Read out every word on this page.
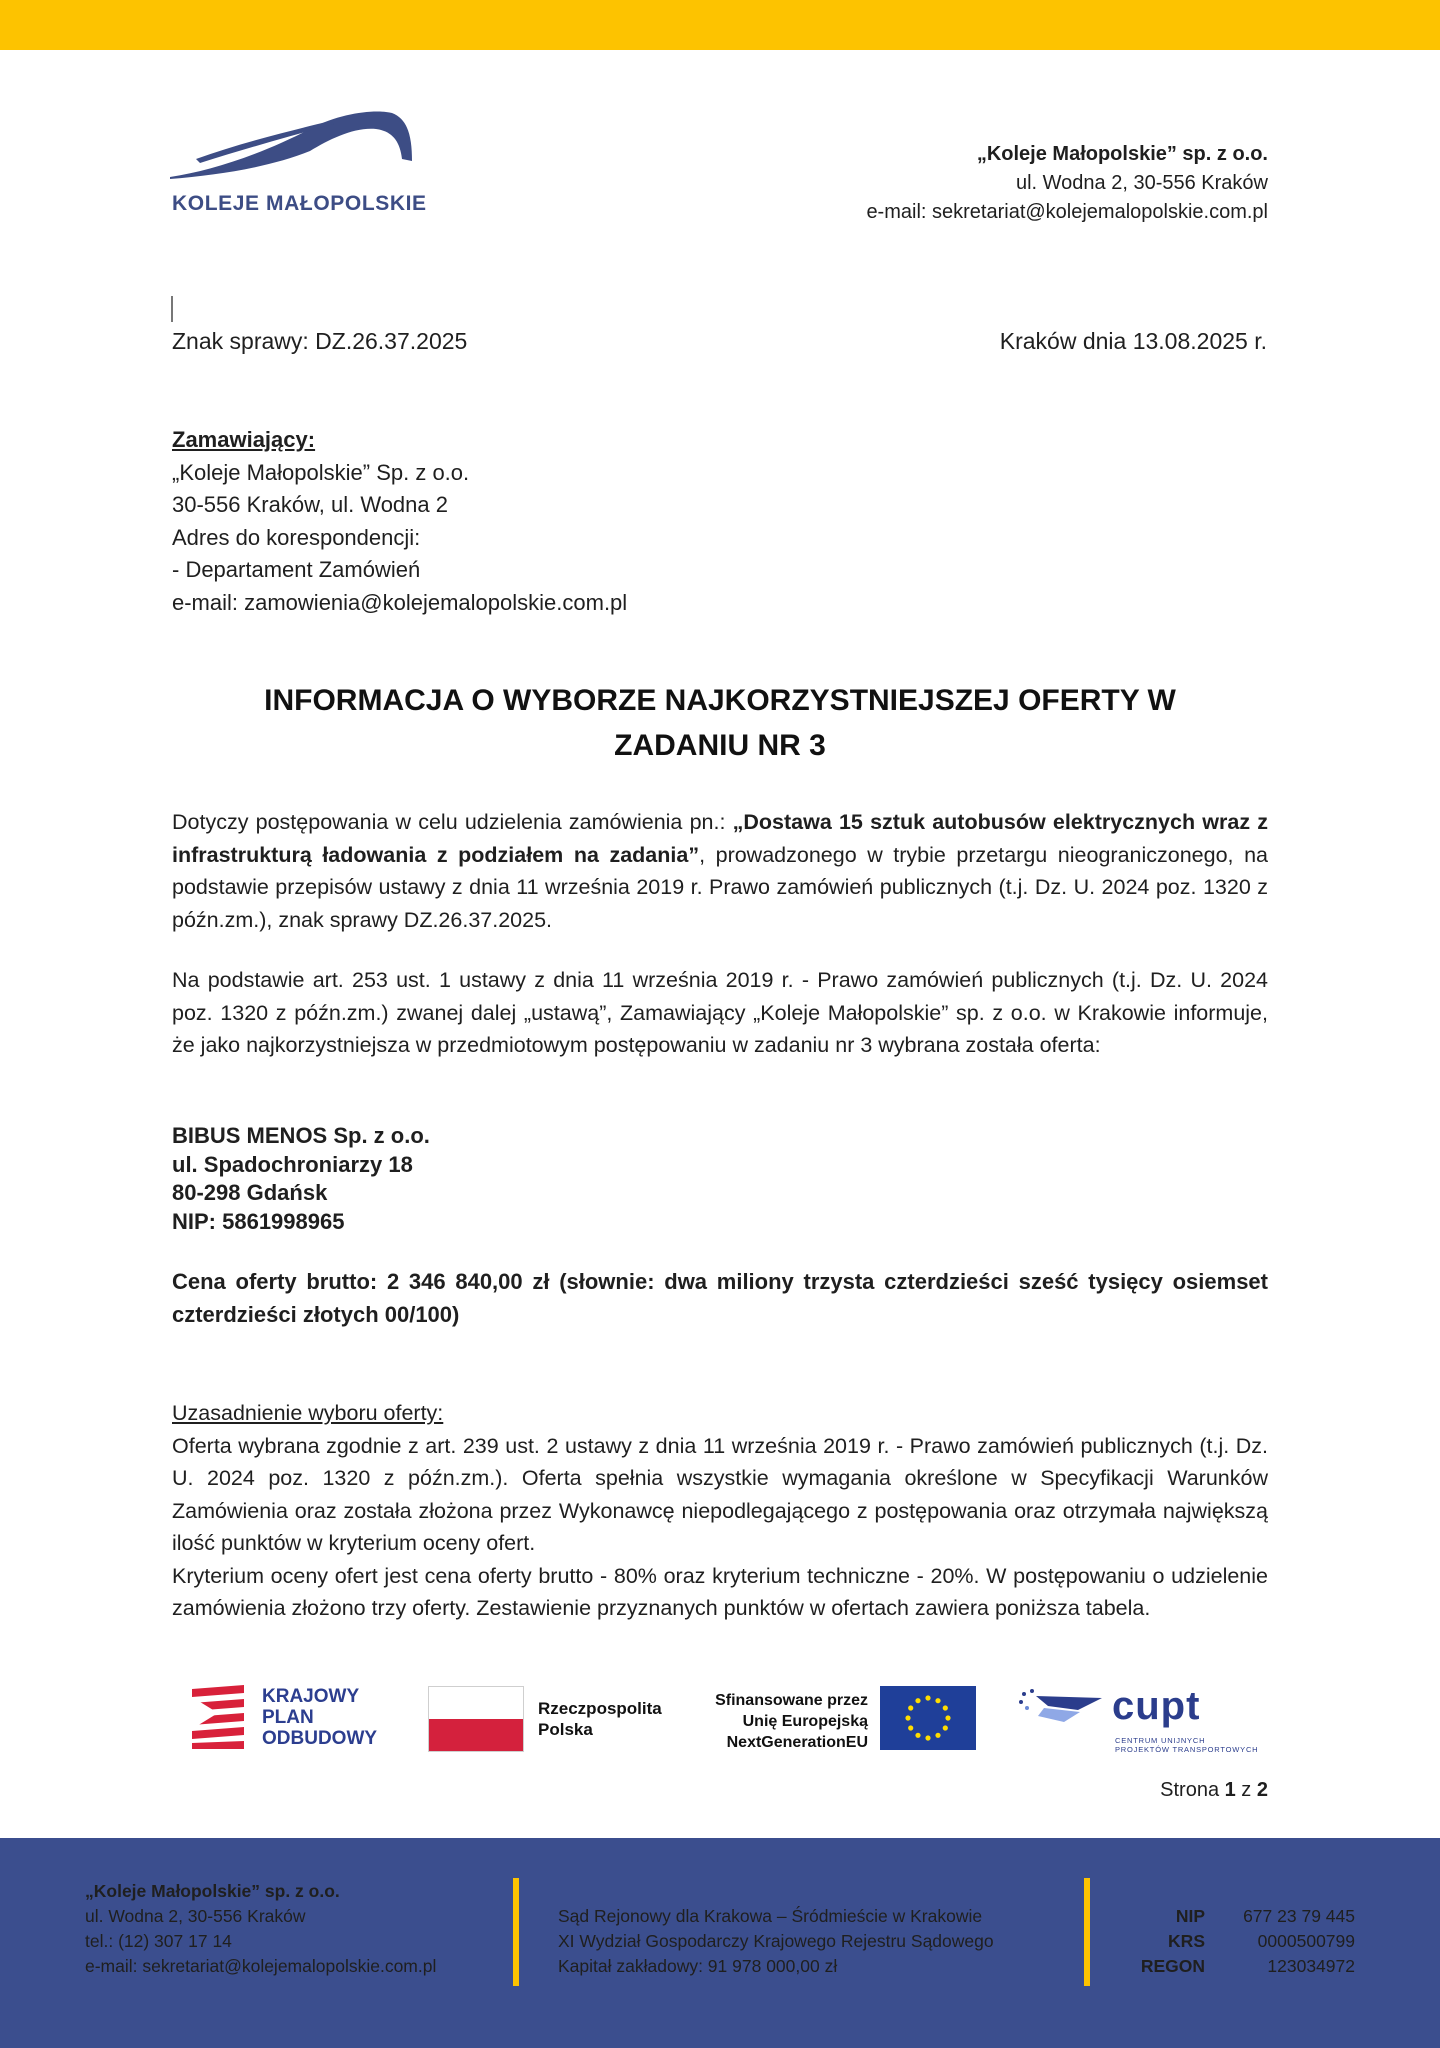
KOLEJE MAŁOPOLSKIE
„Koleje Małopolskie” sp. z o.o.
ul. Wodna 2, 30-556 Kraków
e-mail: sekretariat@kolejemalopolskie.com.pl
Znak sprawy: DZ.26.37.2025	Kraków dnia 13.08.2025 r.
Zamawiający:
„Koleje Małopolskie” Sp. z o.o.
30-556 Kraków, ul. Wodna 2
Adres do korespondencji:
- Departament Zamówień
e-mail: zamowienia@kolejemalopolskie.com.pl
INFORMACJA O WYBORZE NAJKORZYSTNIEJSZEJ OFERTY W
ZADANIU NR 3
Dotyczy postępowania w celu udzielenia zamówienia pn.: „Dostawa 15 sztuk autobusów elektrycznych wraz z infrastrukturą ładowania z podziałem na zadania”, prowadzonego w trybie przetargu nieograniczonego, na podstawie przepisów ustawy z dnia 11 września 2019 r. Prawo zamówień publicznych (t.j. Dz. U. 2024 poz. 1320 z późn.zm.), znak sprawy DZ.26.37.2025.
Na podstawie art. 253 ust. 1 ustawy z dnia 11 września 2019 r. - Prawo zamówień publicznych (t.j. Dz. U. 2024 poz. 1320 z późn.zm.) zwanej dalej „ustawą”, Zamawiający „Koleje Małopolskie” sp. z o.o. w Krakowie informuje, że jako najkorzystniejsza w przedmiotowym postępowaniu w zadaniu nr 3 wybrana została oferta:
BIBUS MENOS Sp. z o.o.
ul. Spadochroniarzy 18
80-298 Gdańsk
NIP: 5861998965
Cena oferty brutto: 2 346 840,00 zł (słownie: dwa miliony trzysta czterdzieści sześć tysięcy osiemset czterdzieści złotych 00/100)
Uzasadnienie wyboru oferty:
Oferta wybrana zgodnie z art. 239 ust. 2 ustawy z dnia 11 września 2019 r. - Prawo zamówień publicznych (t.j. Dz. U. 2024 poz. 1320 z późn.zm.). Oferta spełnia wszystkie wymagania określone w Specyfikacji Warunków Zamówienia oraz została złożona przez Wykonawcę niepodlegającego z postępowania oraz otrzymała największą ilość punktów w kryterium oceny ofert.
Kryterium oceny ofert jest cena oferty brutto - 80% oraz kryterium techniczne - 20%. W postępowaniu o udzielenie zamówienia złożono trzy oferty. Zestawienie przyznanych punktów w ofertach zawiera poniższa tabela.
KRAJOWY
PLAN
ODBUDOWY
Rzeczpospolita
Polska
Sfinansowane przez
Unię Europejską
NextGenerationEU
cupt
CENTRUM UNIJNYCH
PROJEKTÓW TRANSPORTOWYCH
Strona 1 z 2
„Koleje Małopolskie” sp. z o.o.
ul. Wodna 2, 30-556 Kraków
tel.: (12) 307 17 14
e-mail: sekretariat@kolejemalopolskie.com.pl
Sąd Rejonowy dla Krakowa – Śródmieście w Krakowie
XI Wydział Gospodarczy Krajowego Rejestru Sądowego
Kapitał zakładowy: 91 978 000,00 zł
NIP
KRS
REGON
677 23 79 445
0000500799
123034972
